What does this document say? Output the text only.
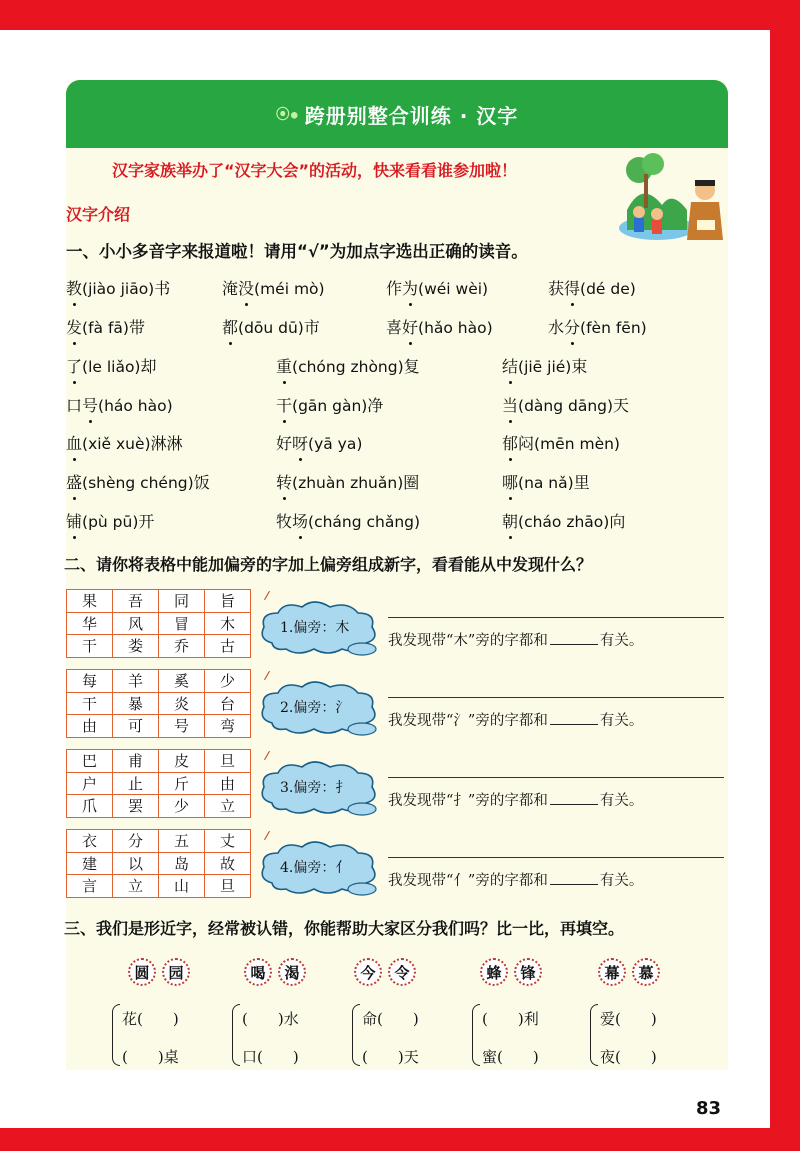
⦿⦁ 跨册别整合训练 · 汉字
汉字家族举办了“汉字大会”的活动，快来看看谁参加啦！
汉字介绍
一、小小多音字来报道啦！请用“√”为加点字选出正确的读音。
教(jiào jiāo)书	淹没(méi mò)	作为(wéi wèi)	获得(dé de)
发(fà fā)带	都(dōu dū)市	喜好(hǎo hào)	水分(fèn fēn)
了(le liǎo)却	重(chóng zhòng)复	结(jiē jié)束
口号(háo hào)	干(gān gàn)净	当(dàng dāng)天
血(xiě xuè)淋淋	好呀(yā ya)	郁闷(mēn mèn)
盛(shèng chéng)饭	转(zhuàn zhuǎn)圈	哪(na nǎ)里
铺(pù pū)开	牧场(cháng chǎng)	朝(cháo zhāo)向
二、请你将表格中能加偏旁的字加上偏旁组成新字，看看能从中发现什么？
果	吾	同	旨
华	风	冒	木
干	娄	乔	古
1.偏旁：木
我发现带“木”旁的字都和	有关。
每	羊	奚	少
干	暴	炎	台
由	可	号	弯
2.偏旁：氵
我发现带“氵”旁的字都和	有关。
巴	甫	皮	旦
户	止	斤	由
爪	罢	少	立
3.偏旁：扌
我发现带“扌”旁的字都和	有关。
衣	分	五	丈
建	以	岛	故
言	立	山	旦
4.偏旁：亻
我发现带“亻”旁的字都和	有关。
三、我们是形近字，经常被认错，你能帮助大家区分我们吗？比一比，再填空。
圆	园	喝	渴	今	令	蜂	锋	幕	慕
花(　　)
(　　)桌
(　　)水
口(　　)
命(　　)
(　　)天
(　　)利
蜜(　　)
爱(　　)
夜(　　)
83
